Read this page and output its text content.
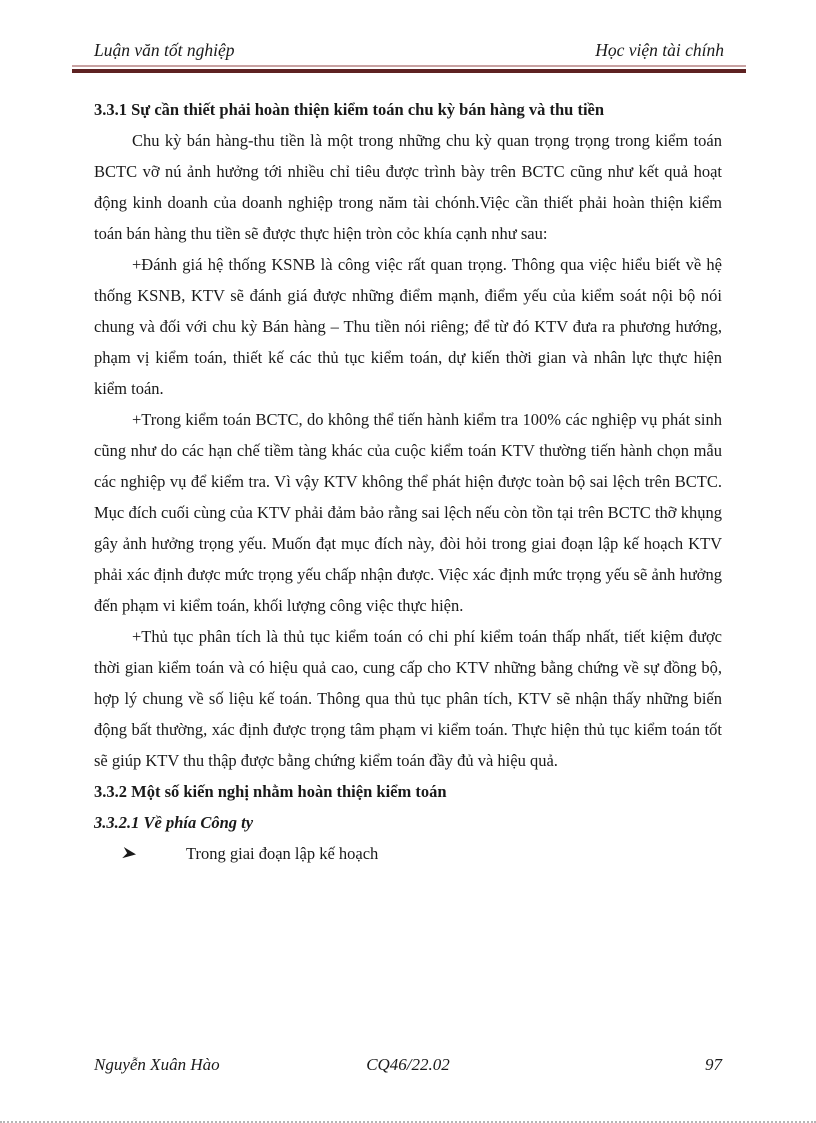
Luận văn tốt nghiệp	Học viện tài chính
3.3.1 Sự cần thiết phải hoàn thiện kiểm toán chu kỳ bán hàng và thu tiền

Chu kỳ bán hàng-thu tiền là một trong những chu kỳ quan trọng trọng trong kiểm toán BCTC vỡ nú ảnh hưởng tới nhiều chỉ tiêu được trình bày trên BCTC cũng như kết quả hoạt động kinh doanh của doanh nghiệp trong năm tài chónh.Việc cần thiết phải hoàn thiện kiểm toán bán hàng thu tiền sẽ được thực hiện tròn cỏc khía cạnh như sau:

+Đánh giá hệ thống KSNB là công việc rất quan trọng. Thông qua việc hiểu biết về hệ thống KSNB, KTV sẽ đánh giá được những điểm mạnh, điểm yếu của kiểm soát nội bộ nói chung và đối với chu kỳ Bán hàng – Thu tiền nói riêng; để từ đó KTV đưa ra phương hướng, phạm vị kiểm toán, thiết kế các thủ tục kiểm toán, dự kiến thời gian và nhân lực thực hiện kiểm toán.

+Trong kiểm toán BCTC, do không thể tiến hành kiểm tra 100% các nghiệp vụ phát sinh cũng như do các hạn chế tiềm tàng khác của cuộc kiểm toán KTV thường tiến hành chọn mẫu các nghiệp vụ để kiểm tra. Vì vậy KTV không thể phát hiện được toàn bộ sai lệch trên BCTC. Mục đích cuối cùng của KTV phải đảm bảo rằng sai lệch nếu còn tồn tại trên BCTC thỡ khụng gây ảnh hưởng trọng yếu. Muốn đạt mục đích này, đòi hỏi trong giai đoạn lập kế hoạch KTV phải xác định được mức trọng yếu chấp nhận được. Việc xác định mức trọng yếu sẽ ảnh hưởng đến phạm vi kiểm toán, khối lượng công việc thực hiện.

+Thủ tục phân tích là thủ tục kiểm toán có chi phí kiểm toán thấp nhất, tiết kiệm được thời gian kiểm toán và có hiệu quả cao, cung cấp cho KTV những bằng chứng về sự đồng bộ, hợp lý chung về số liệu kế toán. Thông qua thủ tục phân tích, KTV sẽ nhận thấy những biến động bất thường, xác định được trọng tâm phạm vi kiểm toán. Thực hiện thủ tục kiểm toán tốt sẽ giúp KTV thu thập được bằng chứng kiểm toán đầy đủ và hiệu quả.

3.3.2 Một số kiến nghị nhằm hoàn thiện kiểm toán
3.3.2.1 Về phía Công ty
Trong giai đoạn lập kế hoạch
Nguyễn Xuân Hào	CQ46/22.02	97
